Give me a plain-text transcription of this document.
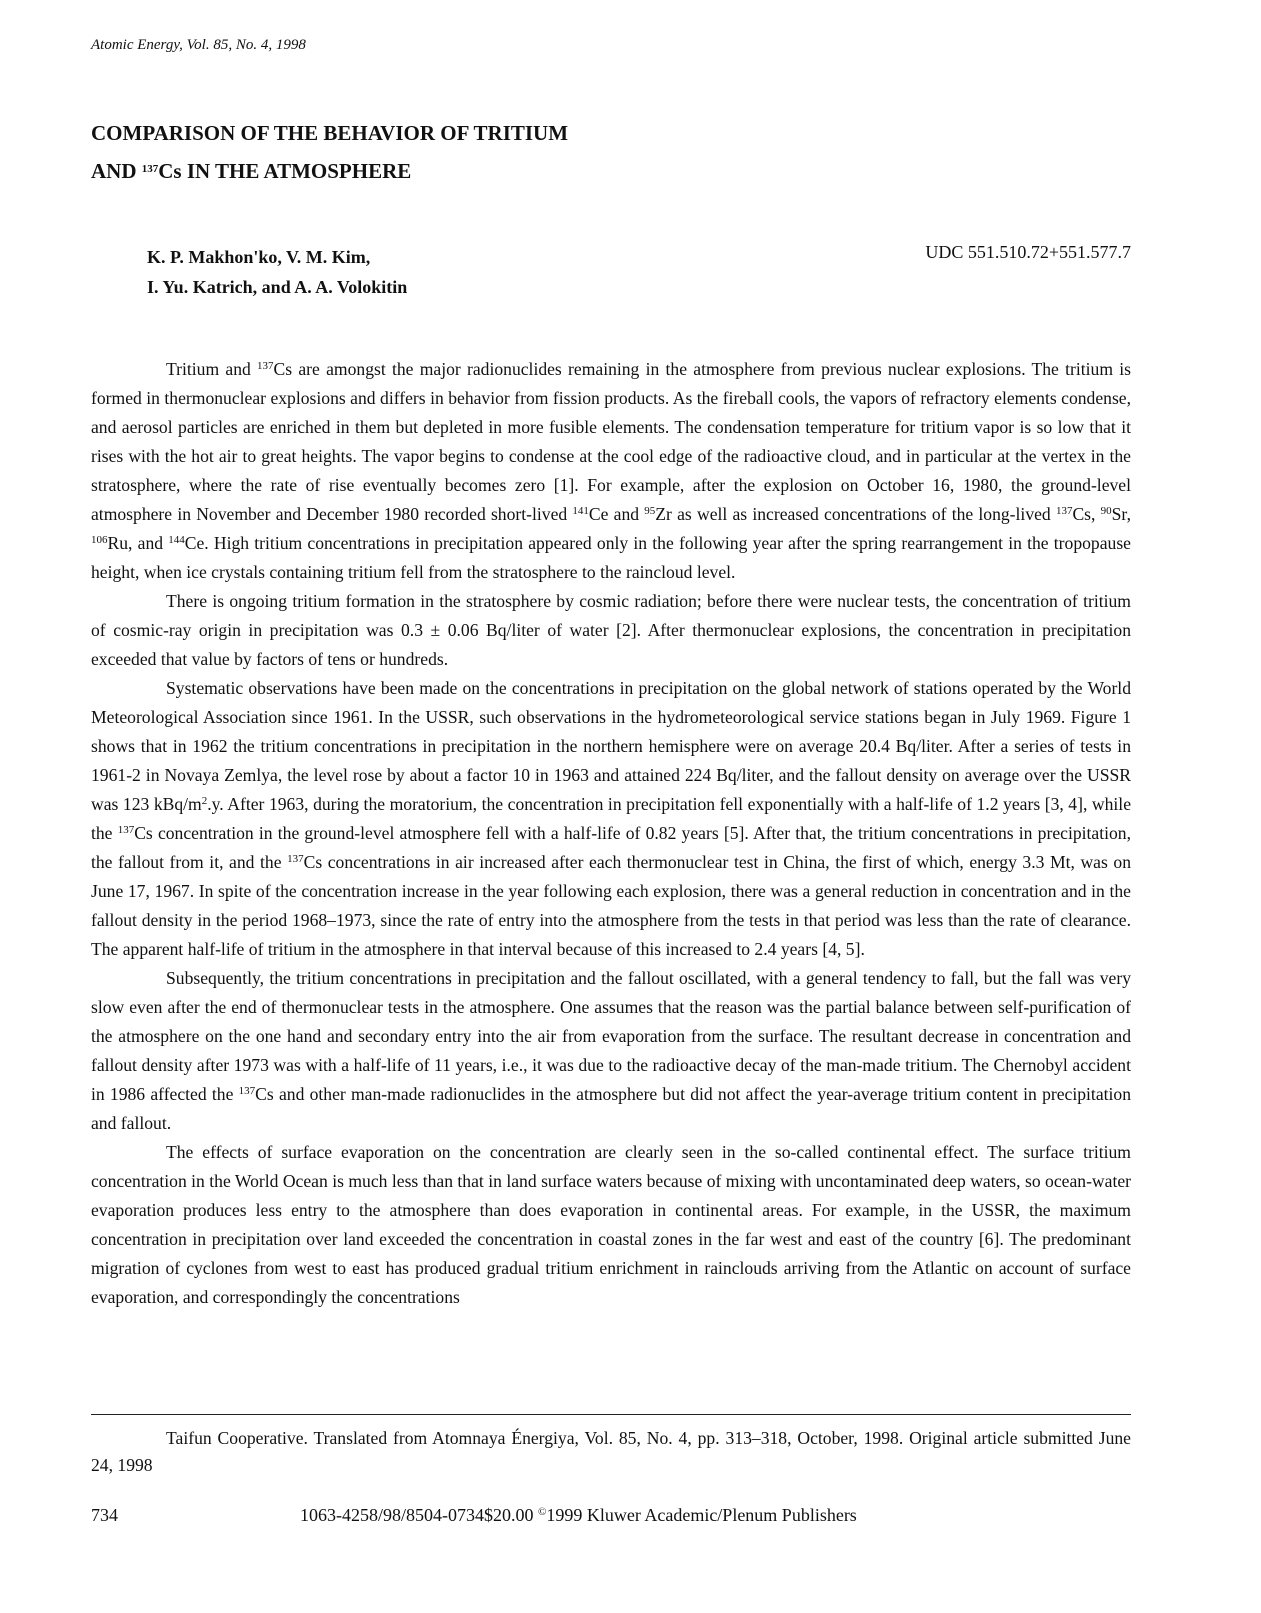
Atomic Energy, Vol. 85, No. 4, 1998
COMPARISON OF THE BEHAVIOR OF TRITIUM
AND $^{137}$Cs IN THE ATMOSPHERE
K. P. Makhon'ko, V. M. Kim,
I. Yu. Katrich, and A. A. Volokitin
UDC 551.510.72+551.577.7

Tritium and $^{137}$Cs are amongst the major radionuclides remaining in the atmosphere from previous nuclear explosions. The tritium is formed in thermonuclear explosions and differs in behavior from fission products. As the fireball cools, the vapors of refractory elements condense, and aerosol particles are enriched in them but depleted in more fusible elements. The condensation temperature for tritium vapor is so low that it rises with the hot air to great heights. The vapor begins to condense at the cool edge of the radioactive cloud, and in particular at the vertex in the stratosphere, where the rate of rise eventually becomes zero [1]. For example, after the explosion on October 16, 1980, the ground-level atmosphere in November and December 1980 recorded short-lived $^{141}$Ce and $^{95}$Zr as well as increased concentrations of the long-lived $^{137}$Cs, $^{90}$Sr, $^{106}$Ru, and $^{144}$Ce. High tritium concentrations in precipitation appeared only in the following year after the spring rearrangement in the tropopause height, when ice crystals containing tritium fell from the stratosphere to the raincloud level.

There is ongoing tritium formation in the stratosphere by cosmic radiation; before there were nuclear tests, the concentration of tritium of cosmic-ray origin in precipitation was 0.3 ± 0.06 Bq/liter of water [2]. After thermonuclear explosions, the concentration in precipitation exceeded that value by factors of tens or hundreds.

Systematic observations have been made on the concentrations in precipitation on the global network of stations operated by the World Meteorological Association since 1961. In the USSR, such observations in the hydrometeorological service stations began in July 1969. Figure 1 shows that in 1962 the tritium concentrations in precipitation in the northern hemisphere were on average 20.4 Bq/liter. After a series of tests in 1961-2 in Novaya Zemlya, the level rose by about a factor 10 in 1963 and attained 224 Bq/liter, and the fallout density on average over the USSR was 123 kBq/$m^2.y$. After 1963, during the moratorium, the concentration in precipitation fell exponentially with a half-life of 1.2 years [3, 4], while the $^{137}$Cs concentration in the ground-level atmosphere fell with a half-life of 0.82 years [5]. After that, the tritium concentrations in precipitation, the fallout from it, and the $^{137}$Cs concentrations in air increased after each thermonuclear test in China, the first of which, energy 3.3 Mt, was on June 17, 1967. In spite of the concentration increase in the year following each explosion, there was a general reduction in concentration and in the fallout density in the period 1968–1973, since the rate of entry into the atmosphere from the tests in that period was less than the rate of clearance. The apparent half-life of tritium in the atmosphere in that interval because of this increased to 2.4 years [4, 5].

Subsequently, the tritium concentrations in precipitation and the fallout oscillated, with a general tendency to fall, but the fall was very slow even after the end of thermonuclear tests in the atmosphere. One assumes that the reason was the partial balance between self-purification of the atmosphere on the one hand and secondary entry into the air from evaporation from the surface. The resultant decrease in concentration and fallout density after 1973 was with a half-life of 11 years, i.e., it was due to the radioactive decay of the man-made tritium. The Chernobyl accident in 1986 affected the $^{137}$Cs and other man-made radionuclides in the atmosphere but did not affect the year-average tritium content in precipitation and fallout.

The effects of surface evaporation on the concentration are clearly seen in the so-called continental effect. The surface tritium concentration in the World Ocean is much less than that in land surface waters because of mixing with uncontaminated deep waters, so ocean-water evaporation produces less entry to the atmosphere than does evaporation in continental areas. For example, in the USSR, the maximum concentration in precipitation over land exceeded the concentration in coastal zones in the far west and east of the country [6]. The predominant migration of cyclones from west to east has produced gradual tritium enrichment in rainclouds arriving from the Atlantic on account of surface evaporation, and correspondingly the concentrations

Taifun Cooperative. Translated from Atomnaya Énergiya, Vol. 85, No. 4, pp. 313–318, October, 1998. Original article submitted June 24, 1998
734	1063-4258/98/8504-0734$20.00 ©1999 Kluwer Academic/Plenum Publishers
